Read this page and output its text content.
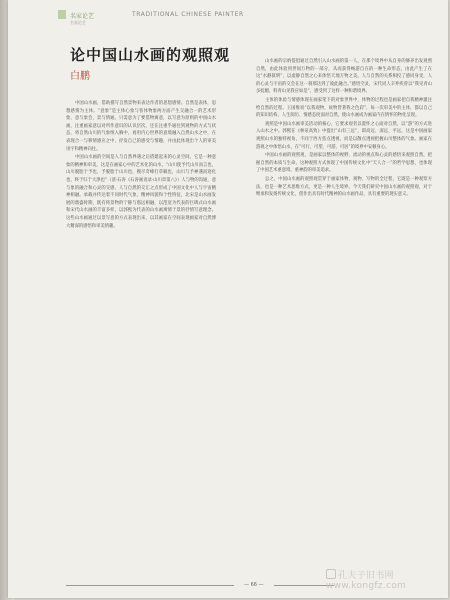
名家论艺	TRADITIONAL CHINESE PAINTER
名家论艺
论中国山水画的观照观
白鹏

中国山水画，借助描写自然景物来表达作者的思想感情。自然是表体，思想感情为主体。“意象”是主体心象与客体物象两方面产生交融合一的艺术形象，意与象会，景与情通。只需意为了要借物寓意，以写意为原则的中国山水画，注重画家意以对所作意识的认识层次，还在注重乎通往到观物的方式与状态，将自然山川的气象纳入胸中，再用内心世界的意境融入自然山水之中，在表现合一与移情感应之中，抒发自己的感受与情趣，并由此体现出个人的审美宙宇和精神向往。

中国山水画的空间是人与自然界遇之后搭建起来的心灵空间，它是一种意象的精神和审美，这是在画家心中的艺术化的山水，“山川使予代山川而言也，山川脱胎于予也，予脱胎于山川也，搜尽奇峰打草稿也，山川与予神遇而迹化也，终于归于大涤也”（清·石涛《石涛画语录·山川章第八》）人与物的沟通，意与象的融合和心灵的交感，人与自然的交汇之点形成了中国文化中人与宇宙精神相融。承载并传达着不同时代气象，精神风貌和个性特征，北宋是山水画发展的鼎盛时期，既有将景物的宁静与悠远相融，以范宽为代表的巨碑式山水画和宋代山水画的丰富多样，以郭熙为代表的山水画寓情于景的抒情写意理念。这些山水画通过以景写意的方式表现出来，以其画家在空间表现画家对自然博大精深的感悟和审美情趣。

山水画的宗炳提倡通过自然引入山水画的第一人，在那个境界中从自身的修养出发观照自然，由此体验到世间万物的一部分，从而获得畅游自在的一种生命形态，由此产生了在这“水静狱明”，以虚静自然之心来体悟天地万物之美。人与自然的关系相投了感同身受，人的心灵与宇宙的交会在这一刹那达到了彼此融合。”感悟空灵，宋代词人辛弃疾曾以“我见青山多妩媚，料青山见我应如是”，感受到了这样一种和谐境界。

主体的体验与情感体现在画家笔下的对象世界中，体物的过程也是画家把自我精神灌注给自然的过程。王国维说“以我观物，故物皆著我之色彩”，每一次审美中的主体，都以自己的知识结构、人生阅历、情感态度面对自然，使山水画成为画家内在情怀的物化呈现。

观照是中国山水画审美活动的核心，它要求观者以澄怀之心面对自然，以“游”的方式进入山水之中。郭熙在《林泉高致》中提出“山有三远”，即高远、深远、平远，这是中国画家观照山水的独特视角，不同于西方焦点透视，而是以散点透视把握山川整体的气象。画家在游观之中体悟山水，在“可行、可望、可游、可居”的境界中安顿身心。

中国山水画的观照观，是画家以整体的视野、流动的视点和心灵的感悟来观照自然，把握自然的本质与生命。这种观照方式体现了中国传统文化中“天人合一”的哲学思想，也体现了中国艺术重意境、重神韵的审美追求。

总之，中国山水画的观照观贯穿于画家体物、观物、写物的全过程，它既是一种观察方法，也是一种艺术思维方式，更是一种人生境界。今天我们研究中国山水画的观照观，对于继承和发扬传统文化，创作出具有时代精神的山水画作品，具有重要的现实意义。

— 66 —
孔夫子旧书网 www.kongfz.com
